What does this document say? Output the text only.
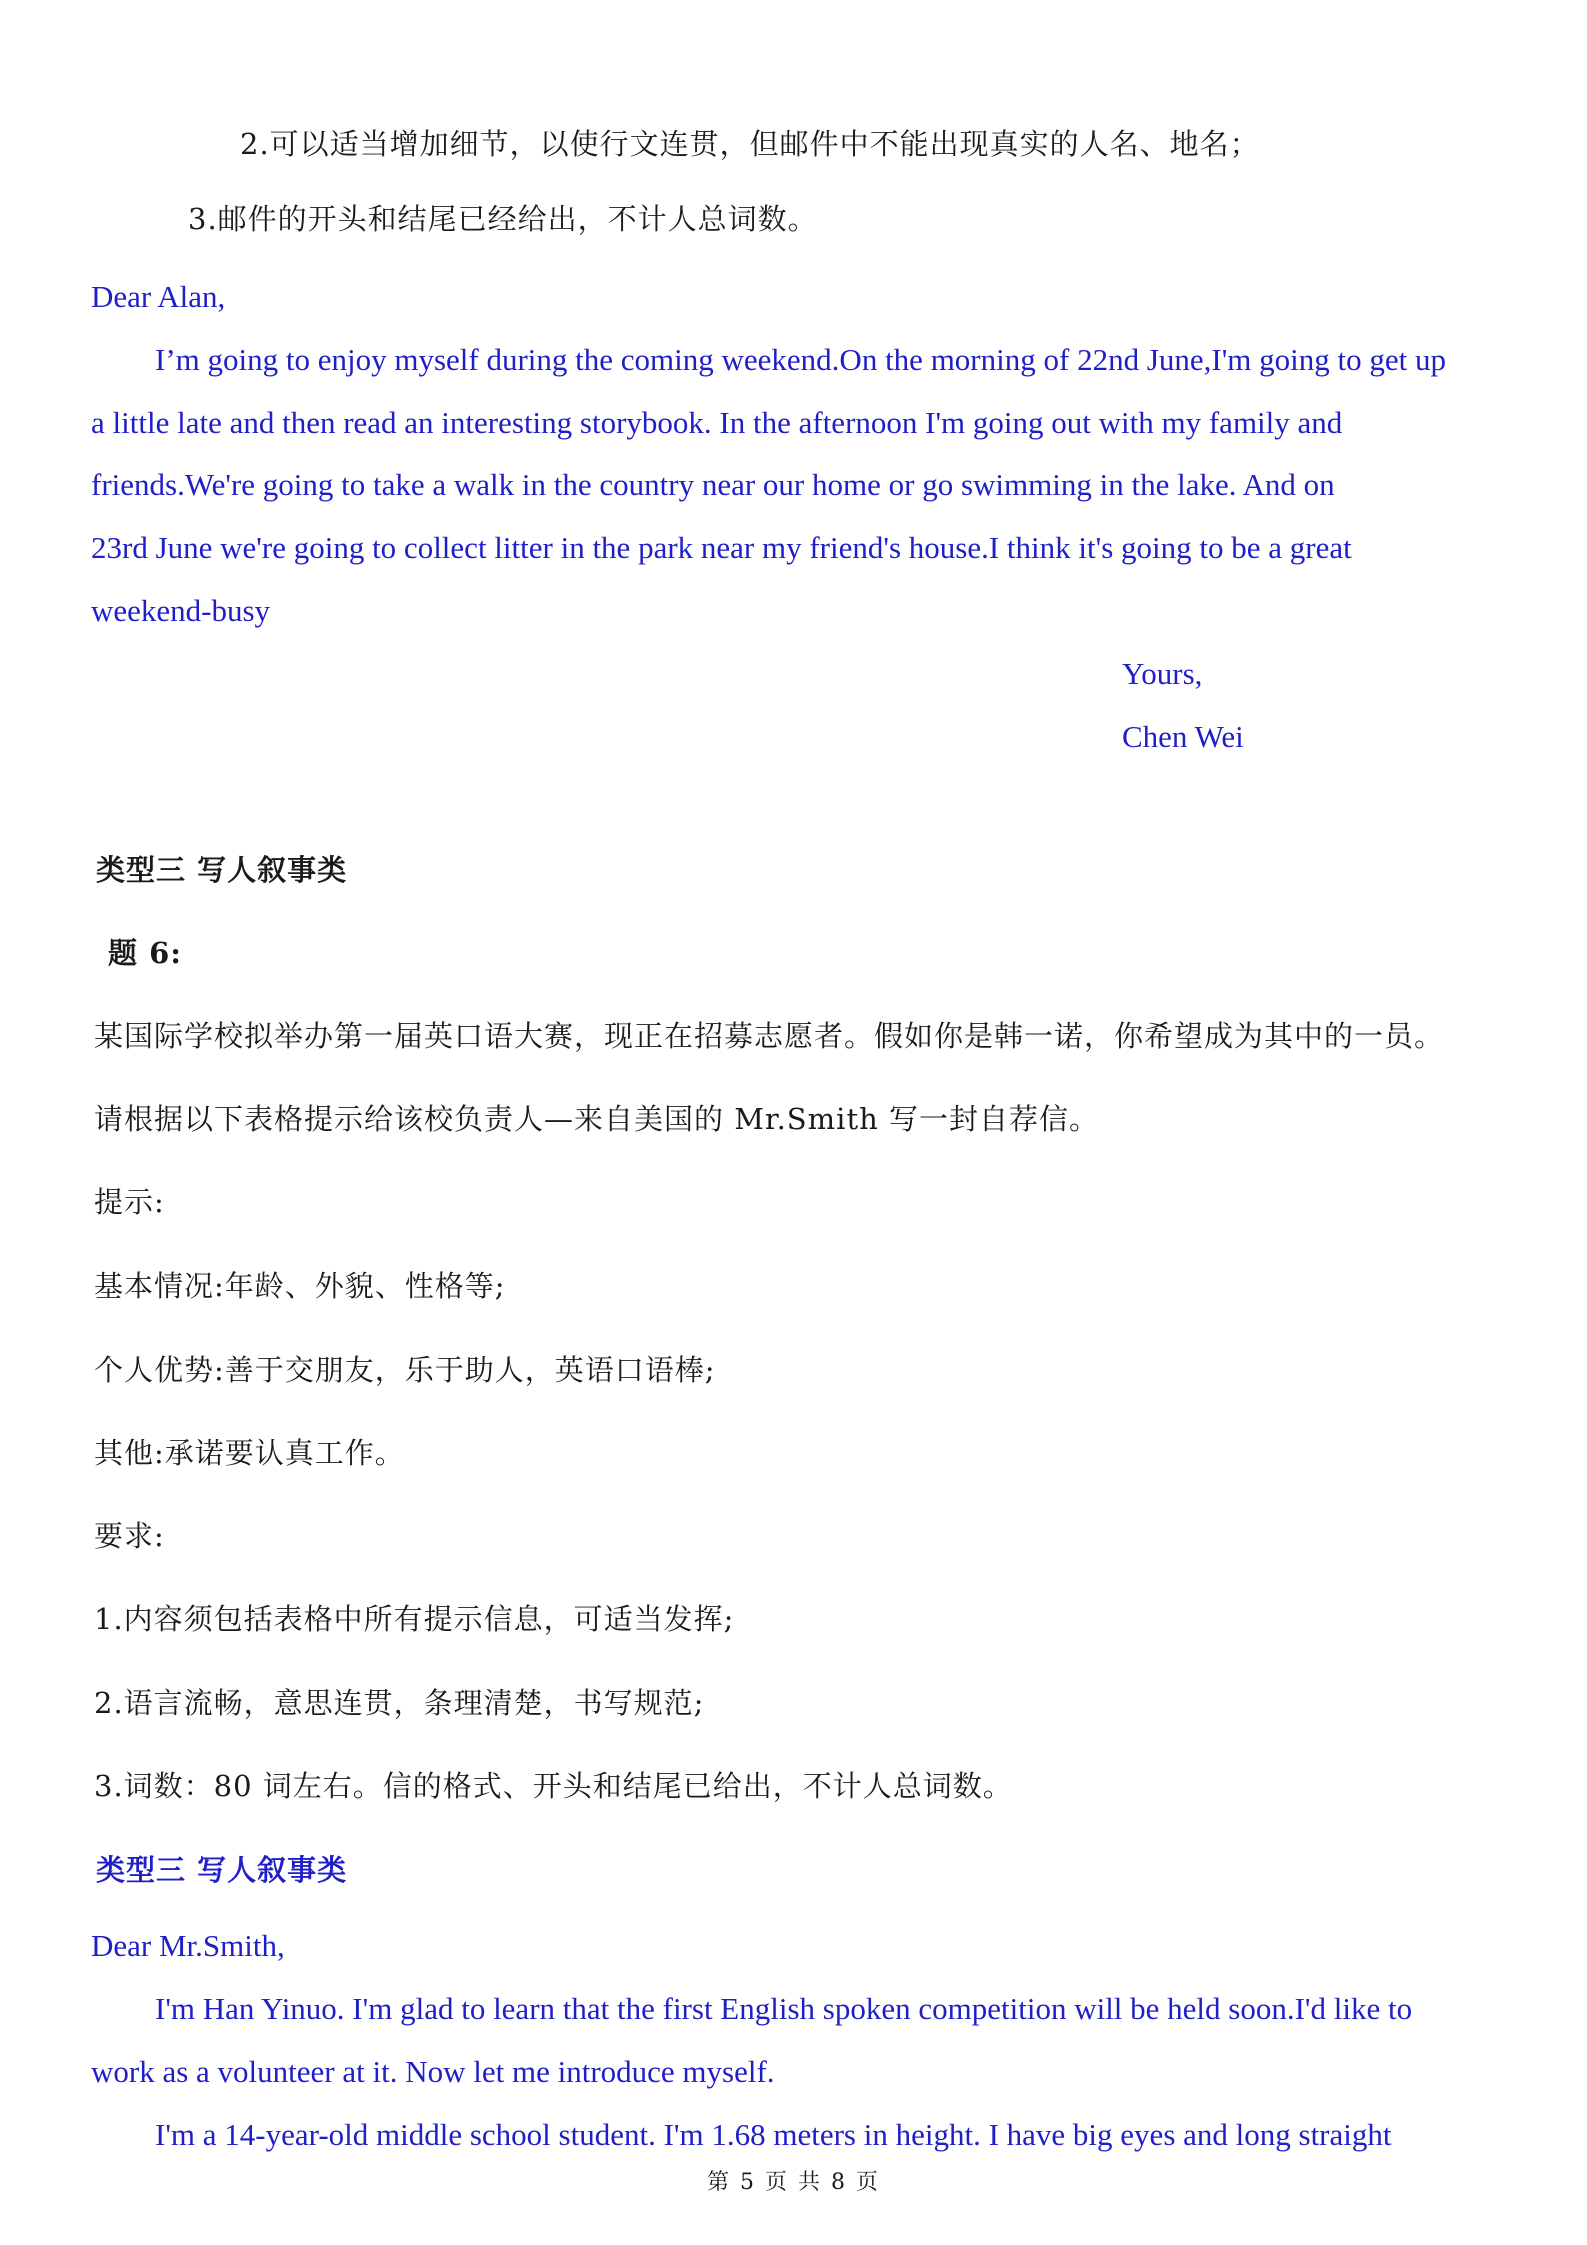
2.可以适当增加细节，以使行文连贯，但邮件中不能出现真实的人名、地名；
3.邮件的开头和结尾已经给出，不计人总词数。
Dear Alan,
I’m going to enjoy myself during the coming weekend.On the morning of 22nd June,I'm going to get up
a little late and then read an interesting storybook. In the afternoon I'm going out with my family and
friends.We're going to take a walk in the country near our home or go swimming in the lake. And on
23rd June we're going to collect litter in the park near my friend's house.I think it's going to be a great
weekend-busy
Yours,
Chen Wei
类型三 写人叙事类
题 6:
某国际学校拟举办第一届英口语大赛，现正在招募志愿者。假如你是韩一诺，你希望成为其中的一员。
请根据以下表格提示给该校负责人—来自美国的 Mr.Smith 写一封自荐信。
提示:
基本情况:年龄、外貌、性格等;
个人优势:善于交朋友，乐于助人，英语口语棒;
其他:承诺要认真工作。
要求:
1.内容须包括表格中所有提示信息，可适当发挥;
2.语言流畅，意思连贯，条理清楚，书写规范;
3.词数：80 词左右。信的格式、开头和结尾已给出，不计人总词数。
类型三 写人叙事类
Dear Mr.Smith,
I'm Han Yinuo. I'm glad to learn that the first English spoken competition will be held soon.I'd like to
work as a volunteer at it. Now let me introduce myself.
I'm a 14-year-old middle school student. I'm 1.68 meters in height. I have big eyes and long straight
第 5 页 共 8 页
